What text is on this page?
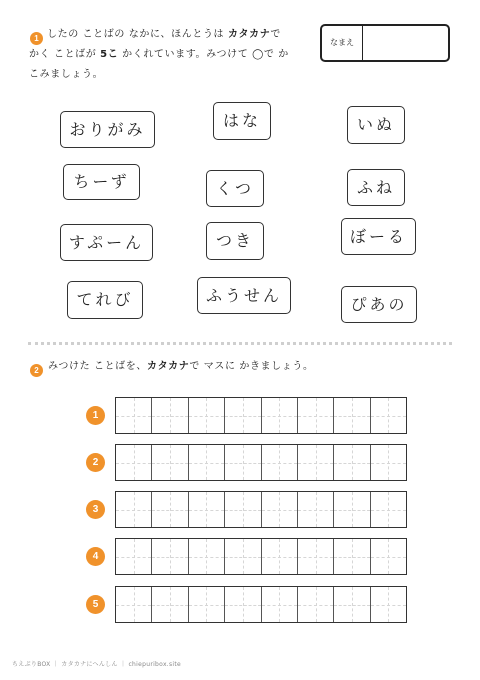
1 したの ことばの なかに、ほんとうは カタカナで
かく ことばが 5こ かくれています。みつけて ◯で か
こみましょう。
なまえ
おりがみ	はな	いぬ
ちーず	くつ	ふね
すぷーん	つき	ぼーる
てれび	ふうせん	ぴあの
2 みつけた ことばを、カタカナで マスに かきましょう。
1
2
3
4
5
ちえぷりBOX ｜ カタカナにへんしん ｜ chiepuribox.site
